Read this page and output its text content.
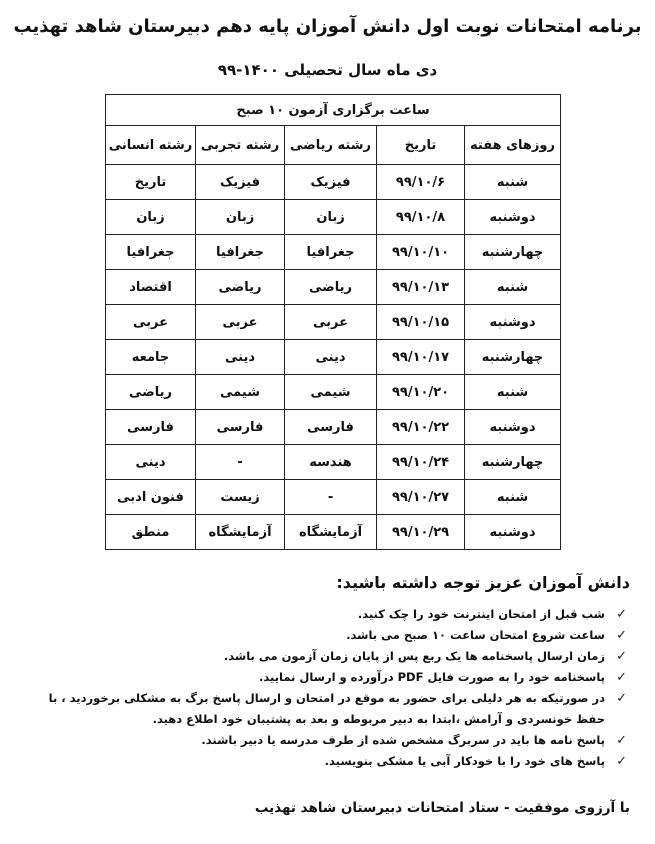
برنامه امتحانات نوبت اول دانش آموزان پایه دهم دبیرستان شاهد تهذیب
دی ماه سال تحصیلی ۱۴۰۰-۹۹
ساعت برگزاری آزمون ۱۰ صبح				
روزهای هفته	تاریخ	رشته ریاضی	رشته تجربی	رشته انسانی
شنبه	۹۹/۱۰/۶	فیزیک	فیزیک	تاریخ
دوشنبه	۹۹/۱۰/۸	زبان	زبان	زبان
چهارشنبه	۹۹/۱۰/۱۰	جغرافیا	جغرافیا	جغرافیا
شنبه	۹۹/۱۰/۱۳	ریاضی	ریاضی	اقتصاد
دوشنبه	۹۹/۱۰/۱۵	عربی	عربی	عربی
چهارشنبه	۹۹/۱۰/۱۷	دینی	دینی	جامعه
شنبه	۹۹/۱۰/۲۰	شیمی	شیمی	ریاضی
دوشنبه	۹۹/۱۰/۲۲	فارسی	فارسی	فارسی
چهارشنبه	۹۹/۱۰/۲۴	هندسه	-	دینی
شنبه	۹۹/۱۰/۲۷	-	زیست	فنون ادبی
دوشنبه	۹۹/۱۰/۲۹	آزمایشگاه	آزمایشگاه	منطق
دانش آموزان عزیز توجه داشته باشید:
✓
شب قبل از امتحان اینترنت خود را چک کنید.
✓
ساعت شروع امتحان ساعت ۱۰ صبح می باشد.
✓
زمان ارسال پاسخنامه ها یک ربع پس از پایان زمان آزمون می باشد.
✓
پاسخنامه خود را به صورت فایل PDF درآورده و ارسال نمایید.
✓
در صورتیکه به هر دلیلی برای حضور به موقع در امتحان و ارسال پاسخ برگ به مشکلی برخوردید ، با حفظ خونسردی و آرامش ،ابتدا به دبیر مربوطه و بعد به پشتیبان خود اطلاع دهید.
✓
پاسخ نامه ها باید در سربرگ مشخص شده از طرف مدرسه یا دبیر باشند.
✓
پاسخ های خود را با خودکار آبی یا مشکی بنویسید.
با آرزوی موفقیت - ستاد امتحانات دبیرستان شاهد تهذیب
